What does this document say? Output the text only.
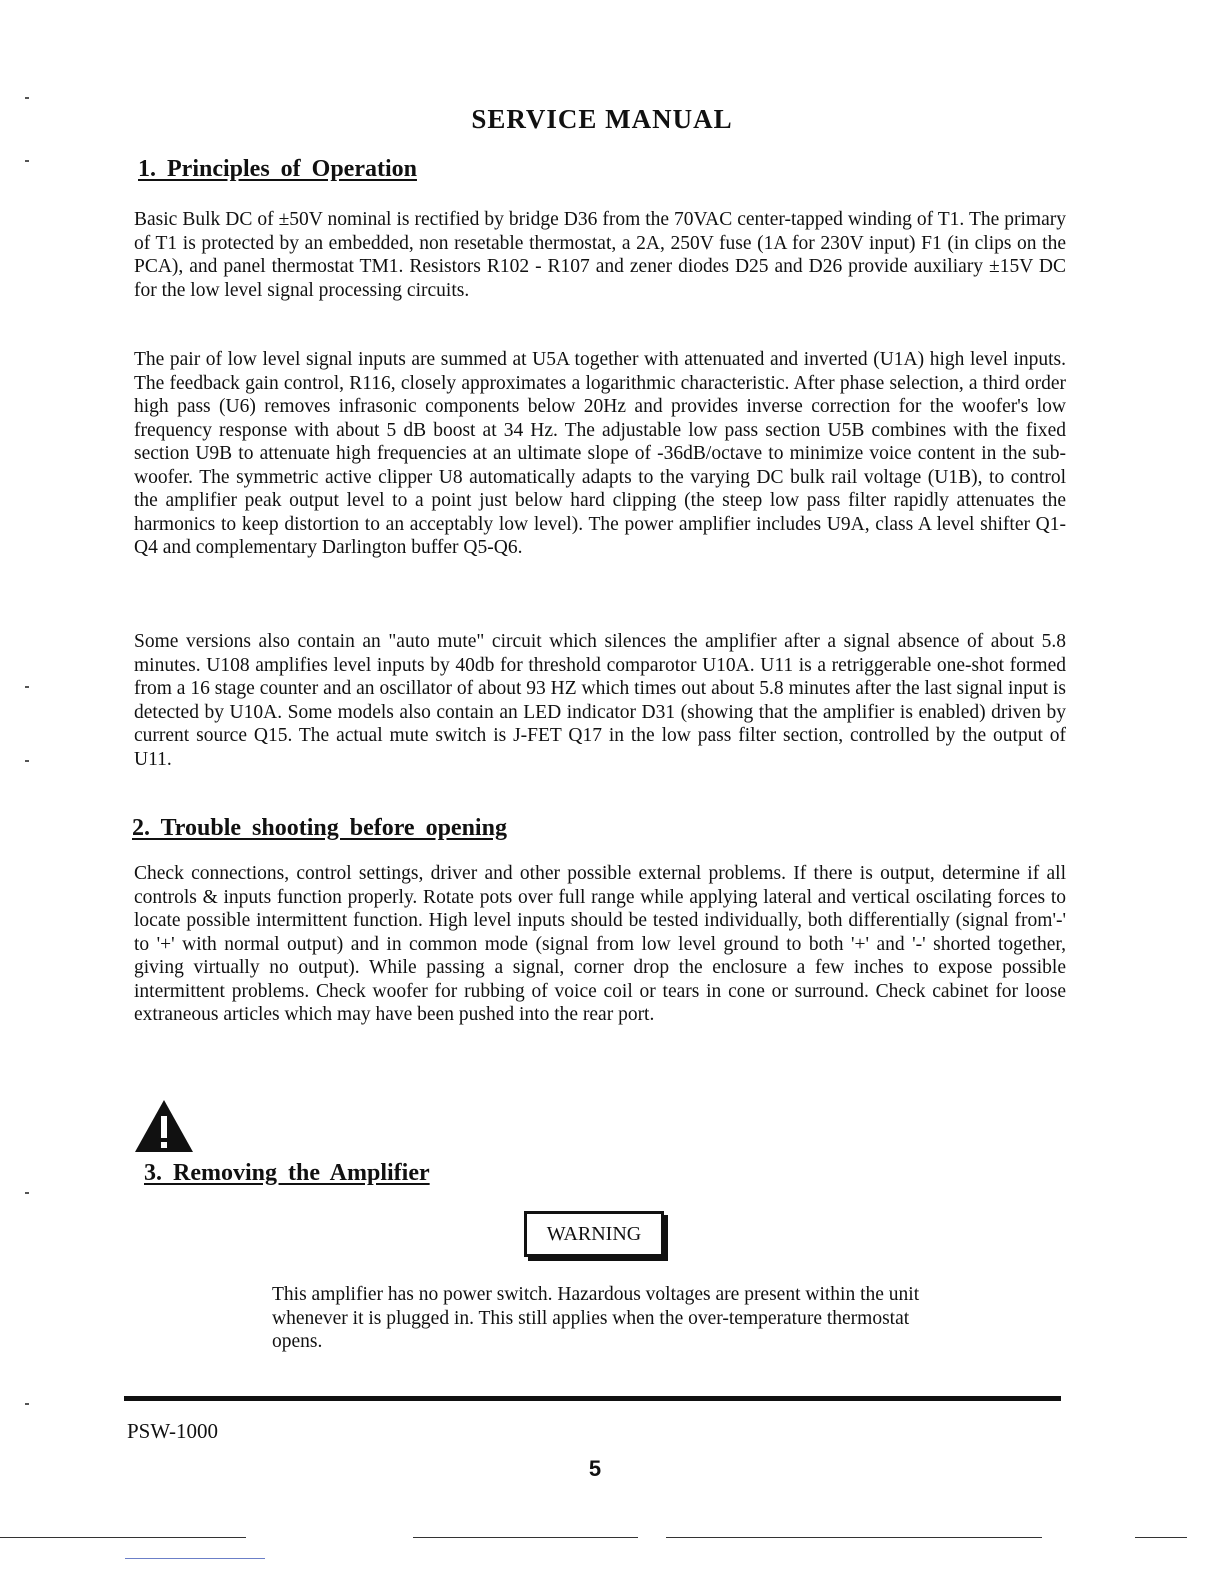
SERVICE MANUAL
1. Principles of Operation

Basic Bulk DC of ±50V nominal is rectified by bridge D36 from the 70VAC center-tapped winding of T1. The primary of T1 is protected by an embedded, non resetable thermostat, a 2A, 250V fuse (1A for 230V input) F1 (in clips on the PCA), and panel thermostat TM1. Resistors R102 - R107 and zener diodes D25 and D26 provide auxiliary ±15V DC for the low level signal processing circuits.

The pair of low level signal inputs are summed at U5A together with attenuated and inverted (U1A) high level inputs. The feedback gain control, R116, closely approximates a logarithmic characteristic. After phase selection, a third order high pass (U6) removes infrasonic components below 20Hz and provides inverse correction for the woofer's low frequency response with about 5 dB boost at 34 Hz. The adjustable low pass section U5B combines with the fixed section U9B to attenuate high frequencies at an ultimate slope of -36dB/octave to minimize voice content in the sub-woofer. The symmetric active clipper U8 automatically adapts to the varying DC bulk rail voltage (U1B), to control the amplifier peak output level to a point just below hard clipping (the steep low pass filter rapidly attenuates the harmonics to keep distortion to an acceptably low level). The power amplifier includes U9A, class A level shifter Q1-Q4 and complementary Darlington buffer Q5-Q6.

Some versions also contain an "auto mute" circuit which silences the amplifier after a signal absence of about 5.8 minutes. U108 amplifies level inputs by 40db for threshold comparotor U10A. U11 is a retriggerable one-shot formed from a 16 stage counter and an oscillator of about 93 HZ which times out about 5.8 minutes after the last signal input is detected by U10A. Some models also contain an LED indicator D31 (showing that the amplifier is enabled) driven by current source Q15. The actual mute switch is J-FET Q17 in the low pass filter section, controlled by the output of U11.

2. Trouble shooting before opening

Check connections, control settings, driver and other possible external problems. If there is output, determine if all controls & inputs function properly. Rotate pots over full range while applying lateral and vertical oscilating forces to locate possible intermittent function. High level inputs should be tested individually, both differentially (signal from'-' to '+' with normal output) and in common mode (signal from low level ground to both '+' and '-' shorted together, giving virtually no output). While passing a signal, corner drop the enclosure a few inches to expose possible intermittent problems. Check woofer for rubbing of voice coil or tears in cone or surround. Check cabinet for loose extraneous articles which may have been pushed into the rear port.

3. Removing the Amplifier
WARNING

This amplifier has no power switch. Hazardous voltages are present within the unit whenever it is plugged in. This still applies when the over-temperature thermostat opens.

PSW-1000
5
